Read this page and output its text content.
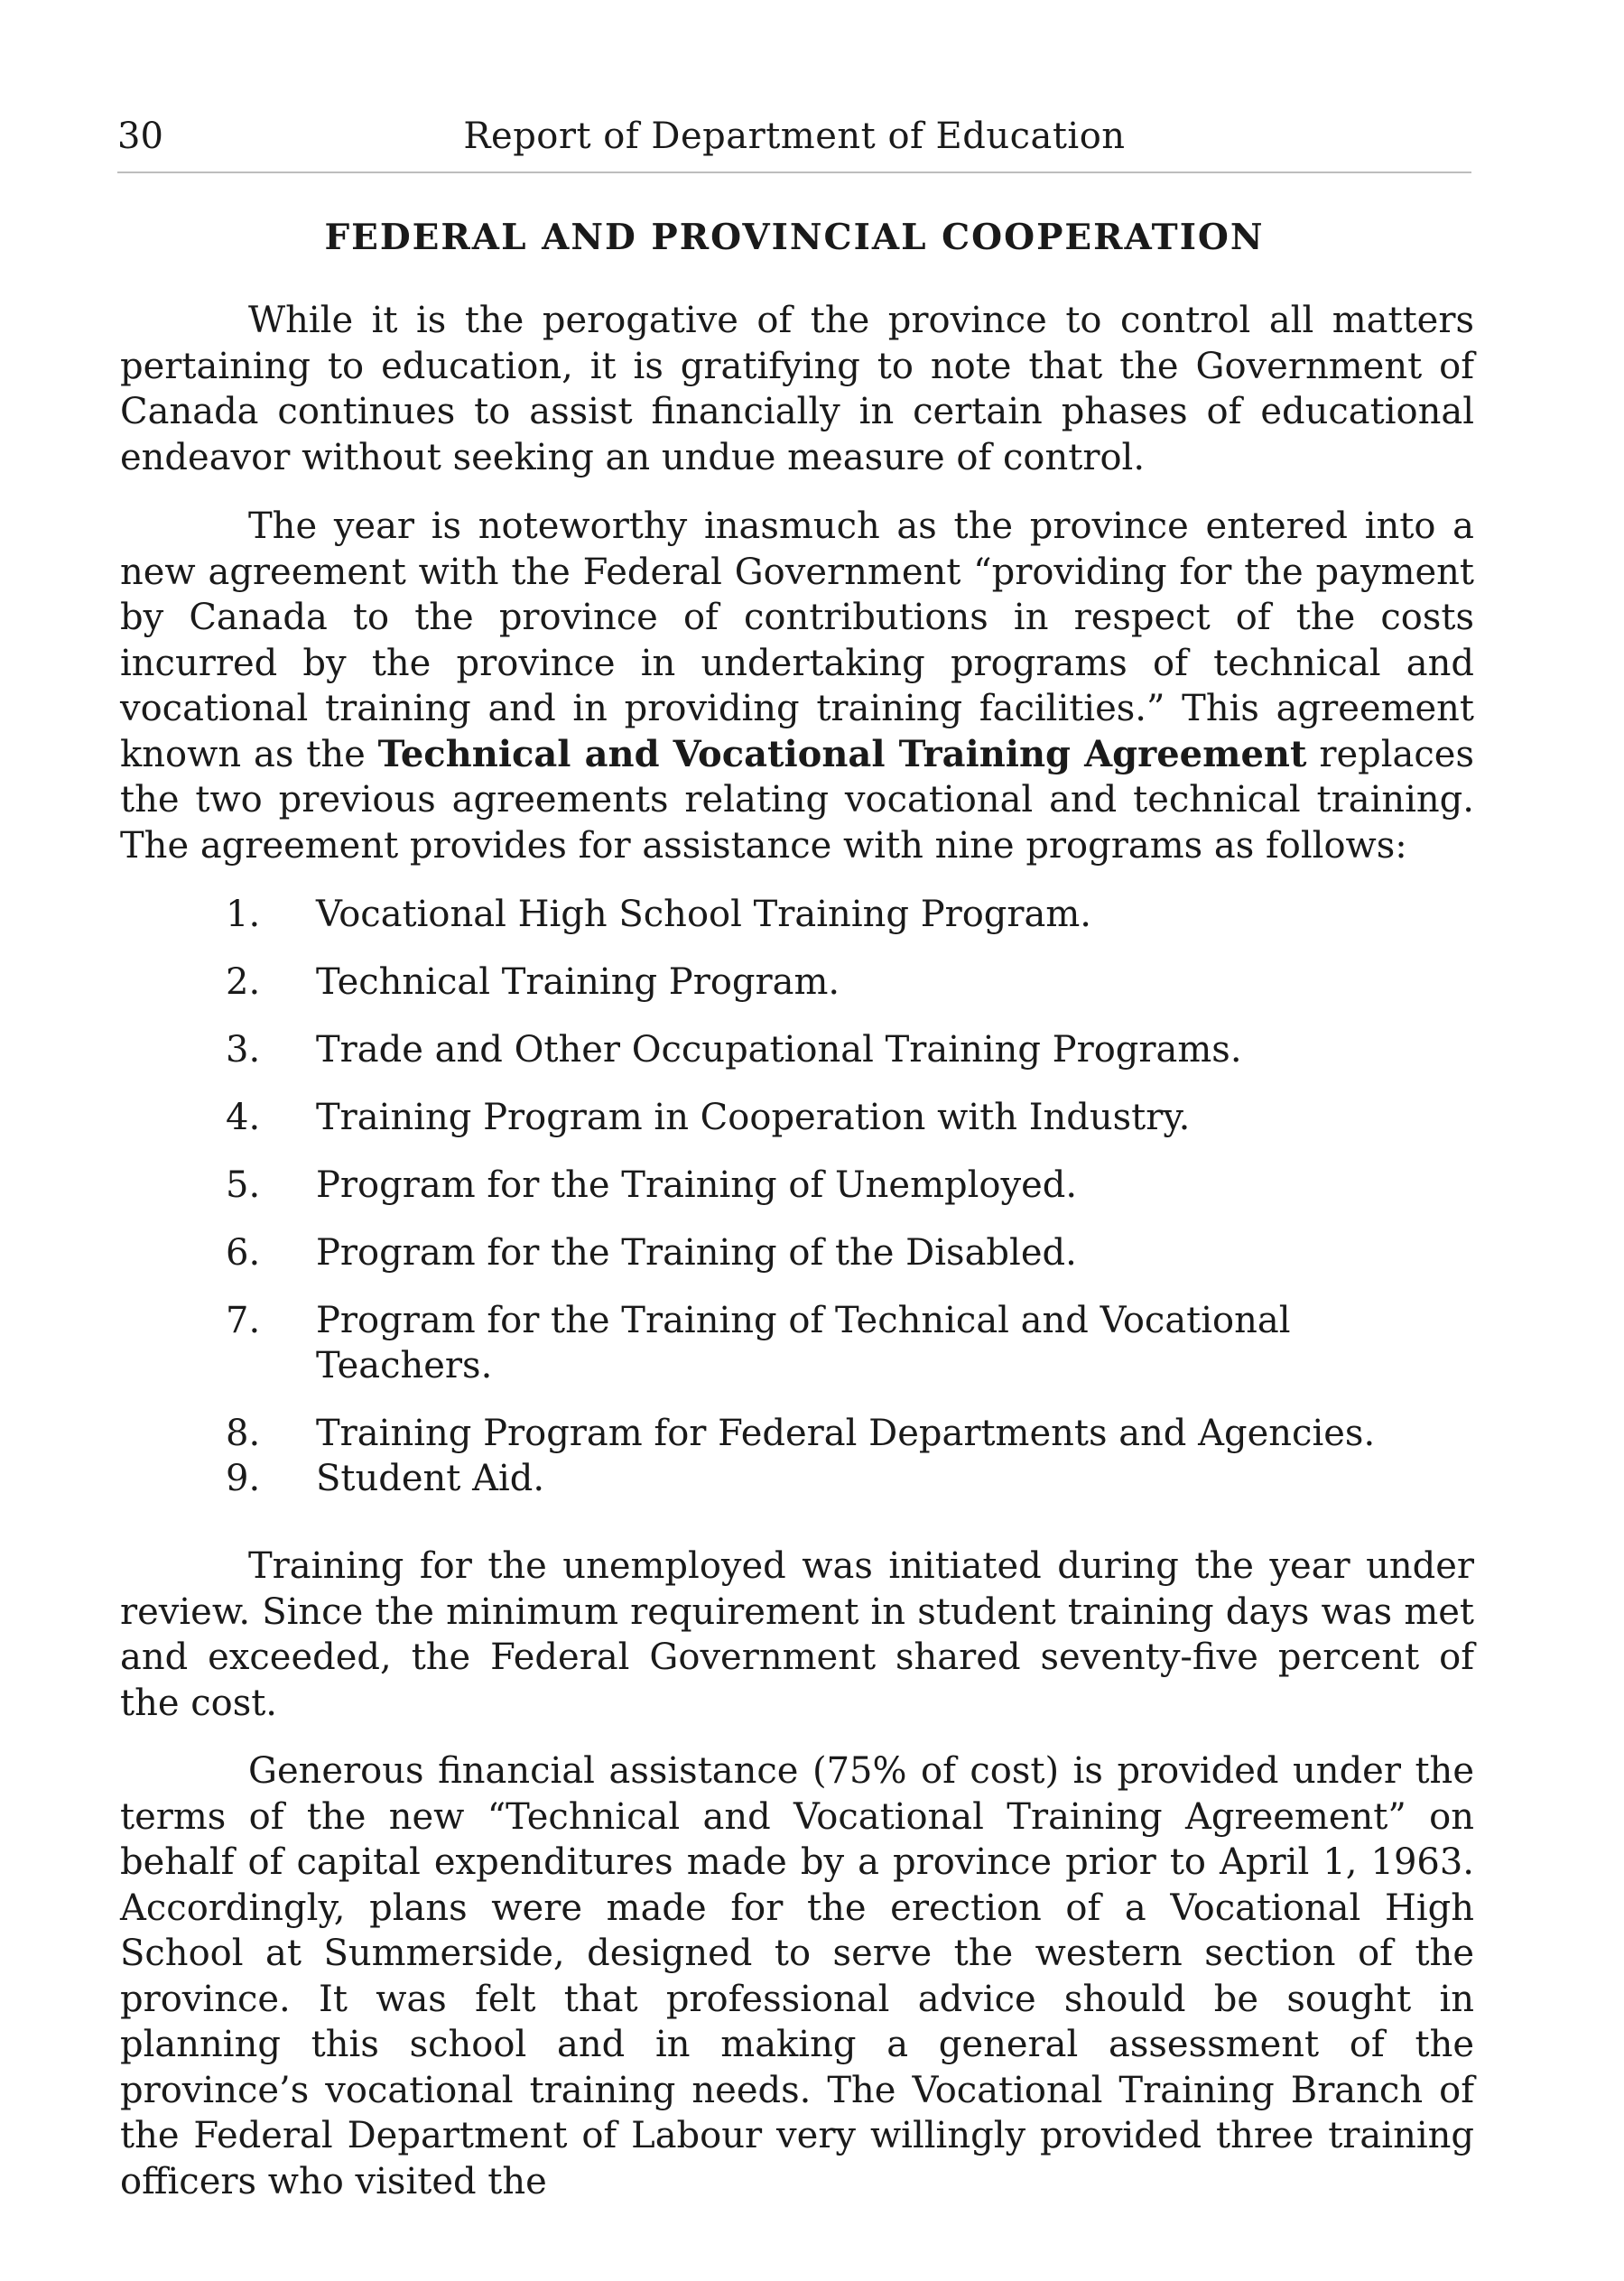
30	Report of Department of Education
FEDERAL AND PROVINCIAL COOPERATION

While it is the perogative of the province to control all matters pertaining to education, it is gratifying to note that the Government of Canada continues to assist financially in certain phases of educational endeavor without seeking an undue measure of control.

The year is noteworthy inasmuch as the province entered into a new agreement with the Federal Government “providing for the payment by Canada to the province of contributions in respect of the costs incurred by the province in undertaking programs of technical and vocational training and in providing training facilities.” This agreement known as the Technical and Vocational Training Agreement replaces the two previous agreements relating vocational and technical training. The agreement provides for assistance with nine programs as follows:

1. Vocational High School Training Program.
2. Technical Training Program.
3. Trade and Other Occupational Training Programs.
4. Training Program in Cooperation with Industry.
5. Program for the Training of Unemployed.
6. Program for the Training of the Disabled.
7. Program for the Training of Technical and Vocational Teachers.
8. Training Program for Federal Departments and Agencies.
9. Student Aid.

Training for the unemployed was initiated during the year under review. Since the minimum requirement in student training days was met and exceeded, the Federal Government shared seventy-five percent of the cost.

Generous financial assistance (75% of cost) is provided under the terms of the new “Technical and Vocational Training Agreement” on behalf of capital expenditures made by a province prior to April 1, 1963. Accordingly, plans were made for the erection of a Vocational High School at Summerside, designed to serve the western section of the province. It was felt that professional advice should be sought in planning this school and in making a general assessment of the province’s vocational training needs. The Vocational Training Branch of the Federal Department of Labour very willingly provided three training officers who visited the
